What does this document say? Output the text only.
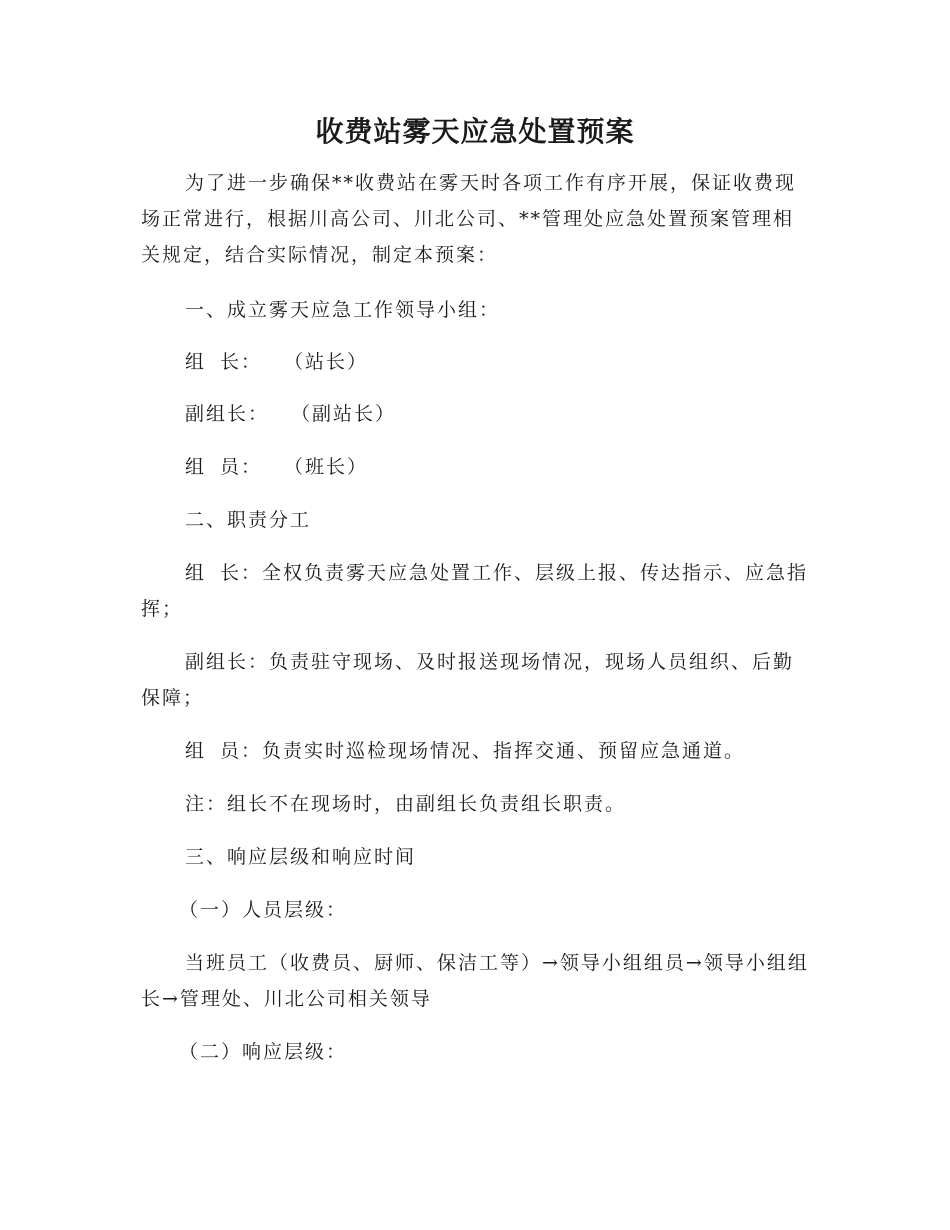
收费站雾天应急处置预案

为了进一步确保**收费站在雾天时各项工作有序开展，保证收费现场正常进行，根据川高公司、川北公司、**管理处应急处置预案管理相关规定，结合实际情况，制定本预案：

一、成立雾天应急工作领导小组：

组 长： （站长）

副组长： （副站长）

组 员： （班长）

二、职责分工

组 长：全权负责雾天应急处置工作、层级上报、传达指示、应急指挥；

副组长：负责驻守现场、及时报送现场情况，现场人员组织、后勤保障；

组 员：负责实时巡检现场情况、指挥交通、预留应急通道。

注：组长不在现场时，由副组长负责组长职责。

三、响应层级和响应时间

（一）人员层级：

当班员工（收费员、厨师、保洁工等）→领导小组组员→领导小组组长→管理处、川北公司相关领导

（二）响应层级：
